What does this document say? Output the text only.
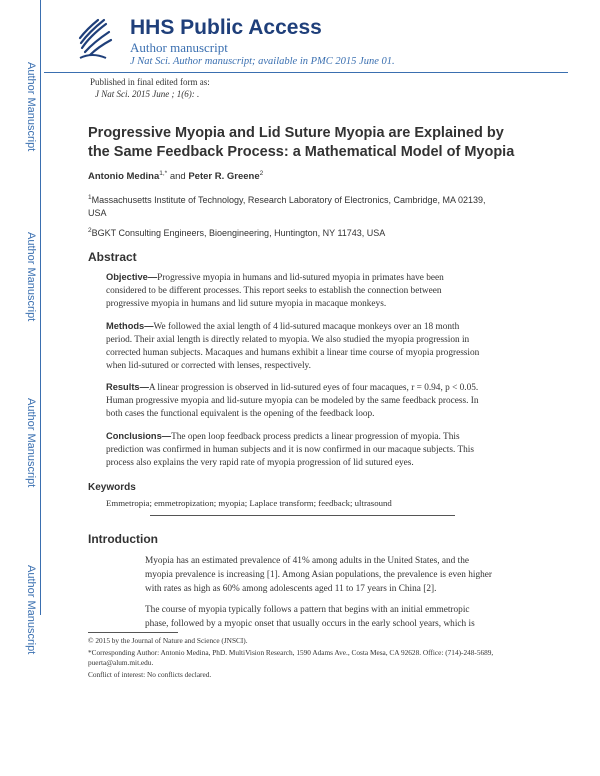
Author Manuscript
Author Manuscript
Author Manuscript
Author Manuscript
HHS Public Access
Author manuscript
J Nat Sci. Author manuscript; available in PMC 2015 June 01.
Published in final edited form as:
J Nat Sci. 2015 June ; 1(6): .
Progressive Myopia and Lid Suture Myopia are Explained by the Same Feedback Process: a Mathematical Model of Myopia
Antonio Medina$^{1,*}$ and Peter R. Greene$^2$
$^1$Massachusetts Institute of Technology, Research Laboratory of Electronics, Cambridge, MA 02139, USA
$^2$BGKT Consulting Engineers, Bioengineering, Huntington, NY 11743, USA
Abstract
Objective—Progressive myopia in humans and lid-sutured myopia in primates have been considered to be different processes. This report seeks to establish the connection between progressive myopia in humans and lid suture myopia in macaque monkeys.
Methods—We followed the axial length of 4 lid-sutured macaque monkeys over an 18 month period. Their axial length is directly related to myopia. We also studied the myopia progression in corrected human subjects. Macaques and humans exhibit a linear time course of myopia progression when lid-sutured or corrected with lenses, respectively.
Results—A linear progression is observed in lid-sutured eyes of four macaques, r = 0.94, p < 0.05. Human progressive myopia and lid-suture myopia can be modeled by the same feedback process. In both cases the functional equivalent is the opening of the feedback loop.
Conclusions—The open loop feedback process predicts a linear progression of myopia. This prediction was confirmed in human subjects and it is now confirmed in our macaque subjects. This process also explains the very rapid rate of myopia progression of lid sutured eyes.
Keywords
Emmetropia; emmetropization; myopia; Laplace transform; feedback; ultrasound
Introduction
Myopia has an estimated prevalence of 41% among adults in the United States, and the myopia prevalence is increasing [1]. Among Asian populations, the prevalence is even higher with rates as high as 60% among adolescents aged 11 to 17 years in China [2].
The course of myopia typically follows a pattern that begins with an initial emmetropic phase, followed by a myopic onset that usually occurs in the early school years, which is
© 2015 by the Journal of Nature and Science (JNSCI).
*Corresponding Author: Antonio Medina, PhD. MultiVision Research, 1590 Adams Ave., Costa Mesa, CA 92628. Office: (714)-248-5689, puerta@alum.mit.edu.
Conflict of interest: No conflicts declared.
